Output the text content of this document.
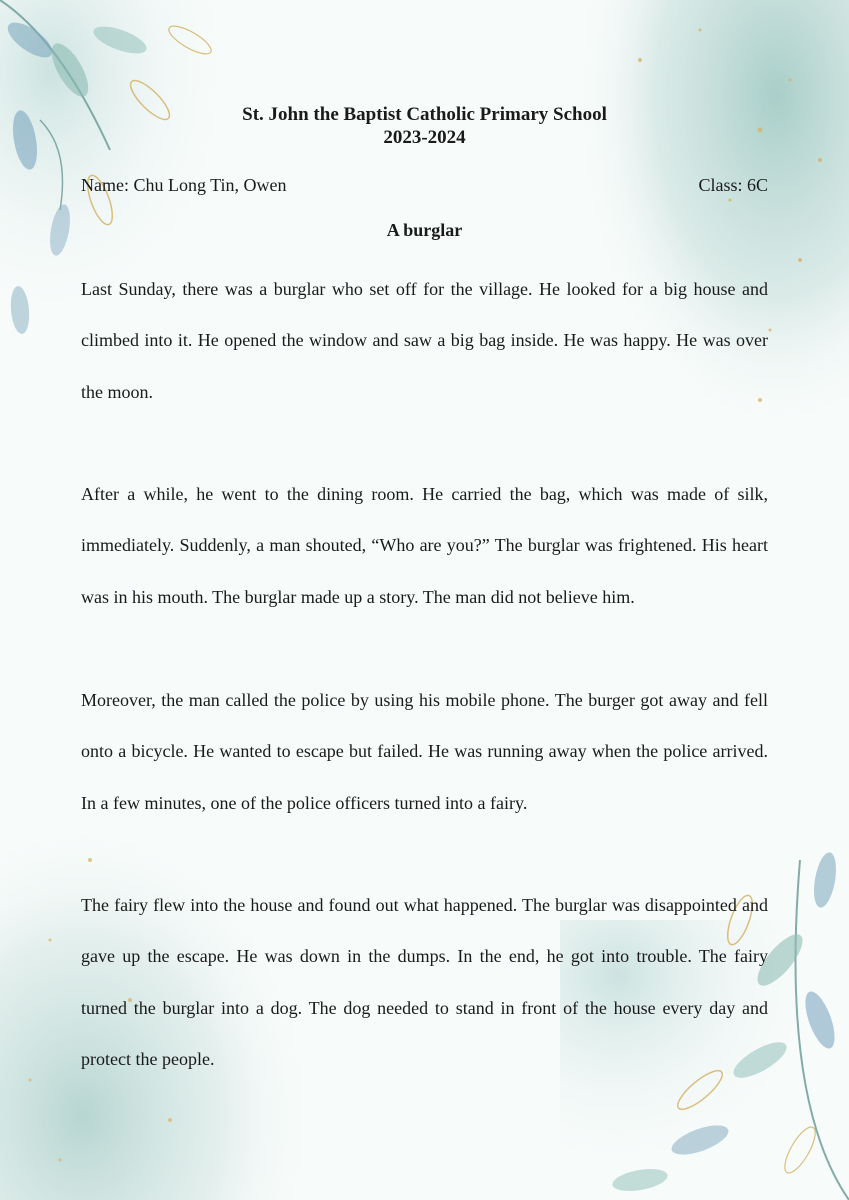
St. John the Baptist Catholic Primary School
2023-2024
Name: Chu Long Tin, Owen	Class: 6C
A burglar

Last Sunday, there was a burglar who set off for the village. He looked for a big house and climbed into it. He opened the window and saw a big bag inside. He was happy. He was over the moon.

After a while, he went to the dining room. He carried the bag, which was made of silk, immediately. Suddenly, a man shouted, “Who are you?” The burglar was frightened. His heart was in his mouth. The burglar made up a story. The man did not believe him.

Moreover, the man called the police by using his mobile phone. The burger got away and fell onto a bicycle. He wanted to escape but failed. He was running away when the police arrived. In a few minutes, one of the police officers turned into a fairy.

The fairy flew into the house and found out what happened. The burglar was disappointed and gave up the escape. He was down in the dumps. In the end, he got into trouble. The fairy turned the burglar into a dog. The dog needed to stand in front of the house every day and protect the people.
